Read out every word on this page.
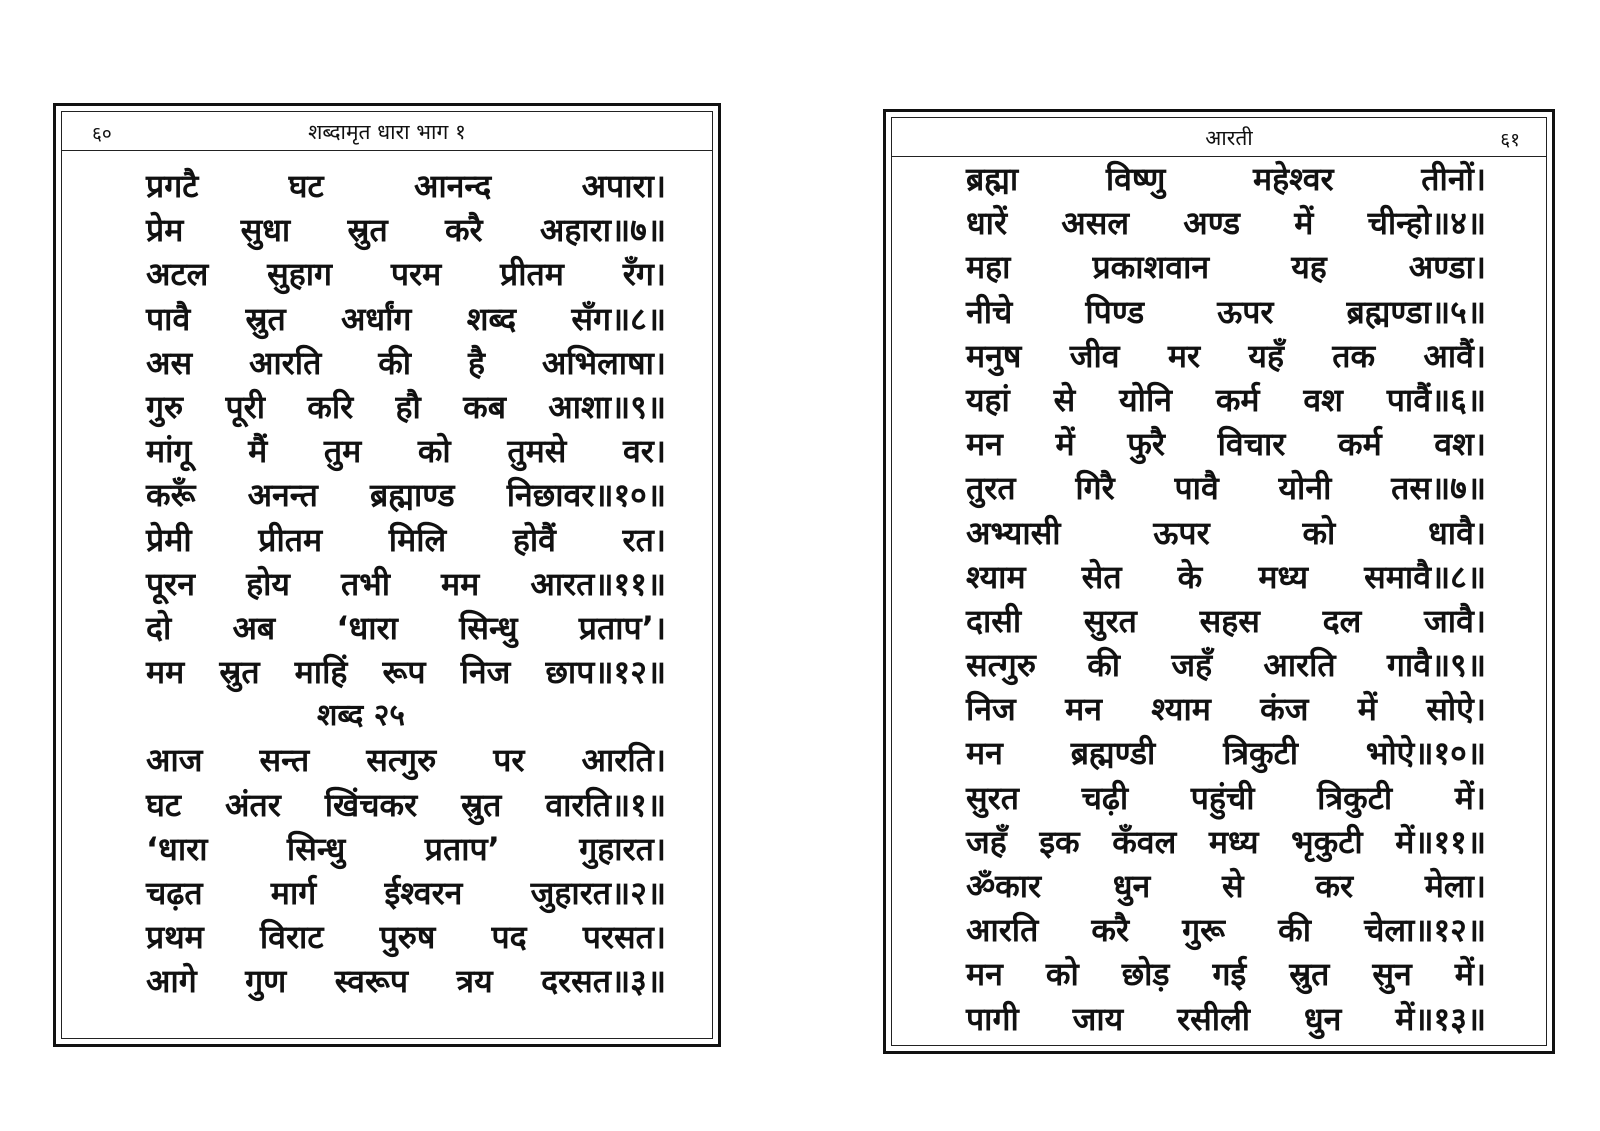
६०	शब्दामृत धारा भाग १
प्रगटै घट आनन्द अपारा।
प्रेम सुधा स्रुत करै अहारा॥७॥
अटल सुहाग परम प्रीतम रँग।
पावै स्रुत अर्धांग शब्द सँग॥८॥
अस आरति की है अभिलाषा।
गुरु पूरी करि हौ कब आशा॥९॥
मांगू मैं तुम को तुमसे वर।
करूँ अनन्त ब्रह्माण्ड निछावर॥१०॥
प्रेमी प्रीतम मिलि होवैं रत।
पूरन होय तभी मम आरत॥११॥
दो अब ‘धारा सिन्धु प्रताप’।
मम स्रुत माहिं रूप निज छाप॥१२॥
शब्द २५
आज सन्त सत्गुरु पर आरति।
घट अंतर खिंचकर स्रुत वारति॥१॥
‘धारा सिन्धु प्रताप’ गुहारत।
चढ़त मार्ग ईश्वरन जुहारत॥२॥
प्रथम विराट पुरुष पद परसत।
आगे गुण स्वरूप त्रय दरसत॥३॥
आरती	६१
ब्रह्मा विष्णु महेश्वर तीनों।
धारें असल अण्ड में चीन्हो॥४॥
महा प्रकाशवान यह अण्डा।
नीचे पिण्ड ऊपर ब्रह्मण्डा॥५॥
मनुष जीव मर यहँ तक आवैं।
यहां से योनि कर्म वश पावैं॥६॥
मन में फुरै विचार कर्म वश।
तुरत गिरै पावै योनी तस॥७॥
अभ्यासी ऊपर को धावै।
श्याम सेत के मध्य समावै॥८॥
दासी सुरत सहस दल जावै।
सत्गुरु की जहँ आरति गावै॥९॥
निज मन श्याम कंज में सोऐ।
मन ब्रह्मण्डी त्रिकुटी भोऐ॥१०॥
सुरत चढ़ी पहुंची त्रिकुटी में।
जहँ इक कँवल मध्य भृकुटी में॥११॥
ॐकार धुन से कर मेला।
आरति करै गुरू की चेला॥१२॥
मन को छोड़ गई स्रुत सुन में।
पागी जाय रसीली धुन में॥१३॥
